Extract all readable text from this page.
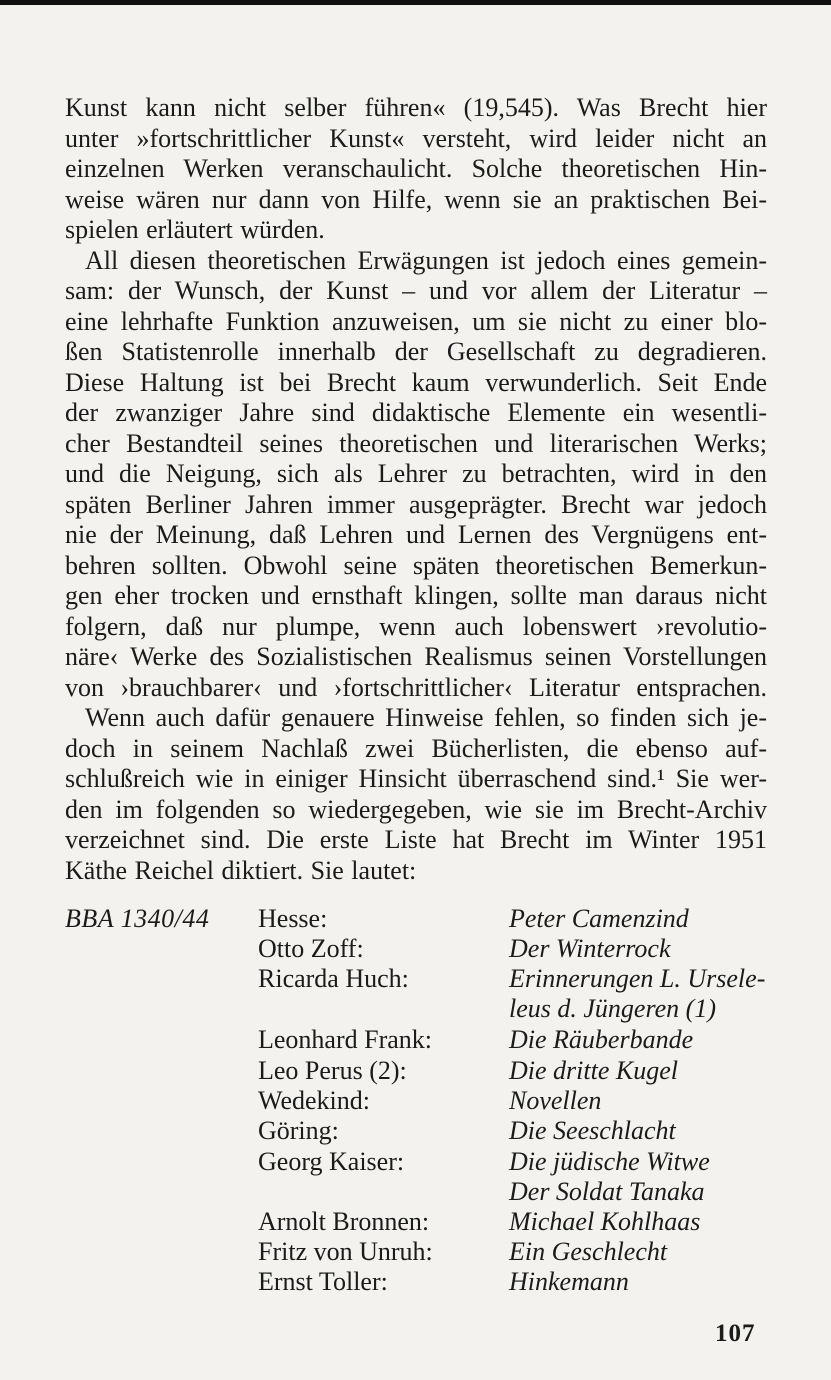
Kunst kann nicht selber führen« (19,545). Was Brecht hier
unter »fortschrittlicher Kunst« versteht, wird leider nicht an
einzelnen Werken veranschaulicht. Solche theoretischen Hin-
weise wären nur dann von Hilfe, wenn sie an praktischen Bei-
spielen erläutert würden.
All diesen theoretischen Erwägungen ist jedoch eines gemein-
sam: der Wunsch, der Kunst – und vor allem der Literatur –
eine lehrhafte Funktion anzuweisen, um sie nicht zu einer blo-
ßen Statistenrolle innerhalb der Gesellschaft zu degradieren.
Diese Haltung ist bei Brecht kaum verwunderlich. Seit Ende
der zwanziger Jahre sind didaktische Elemente ein wesentli-
cher Bestandteil seines theoretischen und literarischen Werks;
und die Neigung, sich als Lehrer zu betrachten, wird in den
späten Berliner Jahren immer ausgeprägter. Brecht war jedoch
nie der Meinung, daß Lehren und Lernen des Vergnügens ent-
behren sollten. Obwohl seine späten theoretischen Bemerkun-
gen eher trocken und ernsthaft klingen, sollte man daraus nicht
folgern, daß nur plumpe, wenn auch lobenswert ›revolutio-
näre‹ Werke des Sozialistischen Realismus seinen Vorstellungen
von ›brauchbarer‹ und ›fortschrittlicher‹ Literatur entsprachen.
Wenn auch dafür genauere Hinweise fehlen, so finden sich je-
doch in seinem Nachlaß zwei Bücherlisten, die ebenso auf-
schlußreich wie in einiger Hinsicht überraschend sind.¹ Sie wer-
den im folgenden so wiedergegeben, wie sie im Brecht-Archiv
verzeichnet sind. Die erste Liste hat Brecht im Winter 1951
Käthe Reichel diktiert. Sie lautet:
BBA 1340/44 Hesse:	Peter Camenzind
Otto Zoff:	Der Winterrock
Ricarda Huch:	Erinnerungen L. Ursele-
leus d. Jüngeren (1)
Leonhard Frank:	Die Räuberbande
Leo Perus (2):	Die dritte Kugel
Wedekind:	Novellen
Göring:	Die Seeschlacht
Georg Kaiser:	Die jüdische Witwe
Der Soldat Tanaka
Arnolt Bronnen:	Michael Kohlhaas
Fritz von Unruh:	Ein Geschlecht
Ernst Toller:	Hinkemann
107
